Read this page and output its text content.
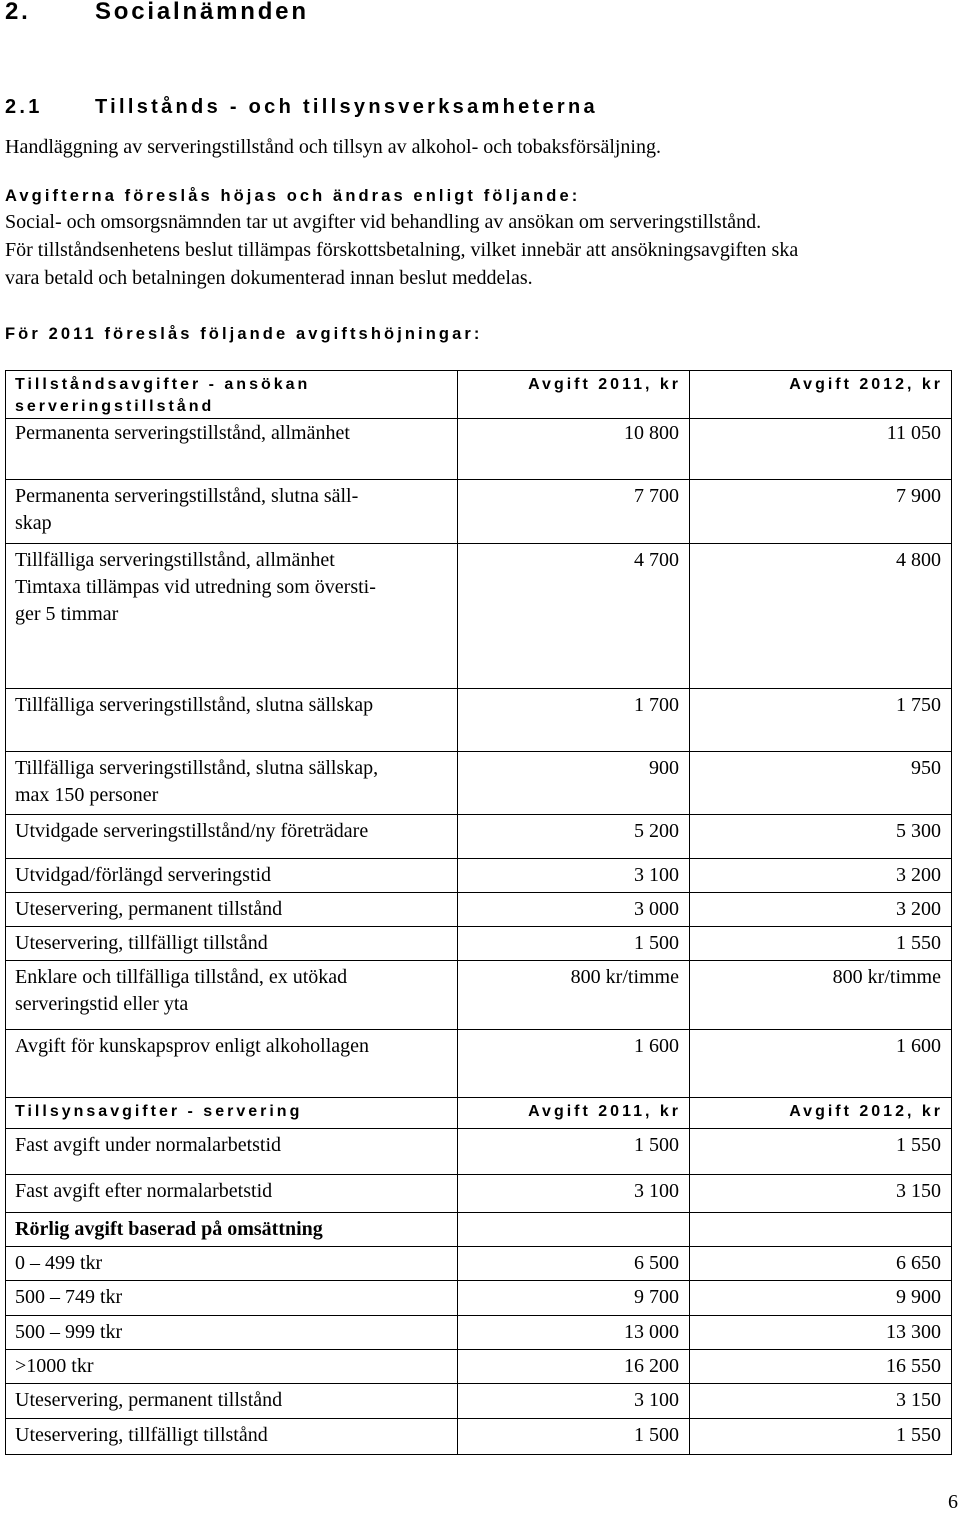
2.	Socialnämnden
2.1	Tillstånds - och tillsynsverksamheterna
Handläggning av serveringstillstånd och tillsyn av alkohol- och tobaksförsäljning.
Avgifterna föreslås höjas och ändras enligt följande:
Social- och omsorgsnämnden tar ut avgifter vid behandling av ansökan om serveringstillstånd.
För tillståndsenhetens beslut tillämpas förskottsbetalning, vilket innebär att ansökningsavgiften ska
vara betald och betalningen dokumenterad innan beslut meddelas.
För 2011 föreslås följande avgiftshöjningar:
Tillståndsavgifter - ansökan
serveringstillstånd
Avgift 2011, kr	Avgift 2012, kr
Permanenta serveringstillstånd, allmänhet	10 800	11 050
Permanenta serveringstillstånd, slutna säll-
skap
7 700	7 900
Tillfälliga serveringstillstånd, allmänhet
Timtaxa tillämpas vid utredning som översti-
ger 5 timmar
4 700	4 800
Tillfälliga serveringstillstånd, slutna sällskap	1 700	1 750
Tillfälliga serveringstillstånd, slutna sällskap,
max 150 personer
900	950
Utvidgade serveringstillstånd/ny företrädare	5 200	5 300
Utvidgad/förlängd serveringstid	3 100	3 200
Uteservering, permanent tillstånd	3 000	3 200
Uteservering, tillfälligt tillstånd	1 500	1 550
Enklare och tillfälliga tillstånd, ex utökad
serveringstid eller yta
800 kr/timme	800 kr/timme
Avgift för kunskapsprov enligt alkohollagen	1 600	1 600
Tillsynsavgifter - servering	Avgift 2011, kr	Avgift 2012, kr
Fast avgift under normalarbetstid	1 500	1 550
Fast avgift efter normalarbetstid	3 100	3 150
Rörlig avgift baserad på omsättning
0 – 499 tkr	6 500	6 650
500 – 749 tkr	9 700	9 900
500 – 999 tkr	13 000	13 300
>1000 tkr	16 200	16 550
Uteservering, permanent tillstånd	3 100	3 150
Uteservering, tillfälligt tillstånd	1 500	1 550
6
